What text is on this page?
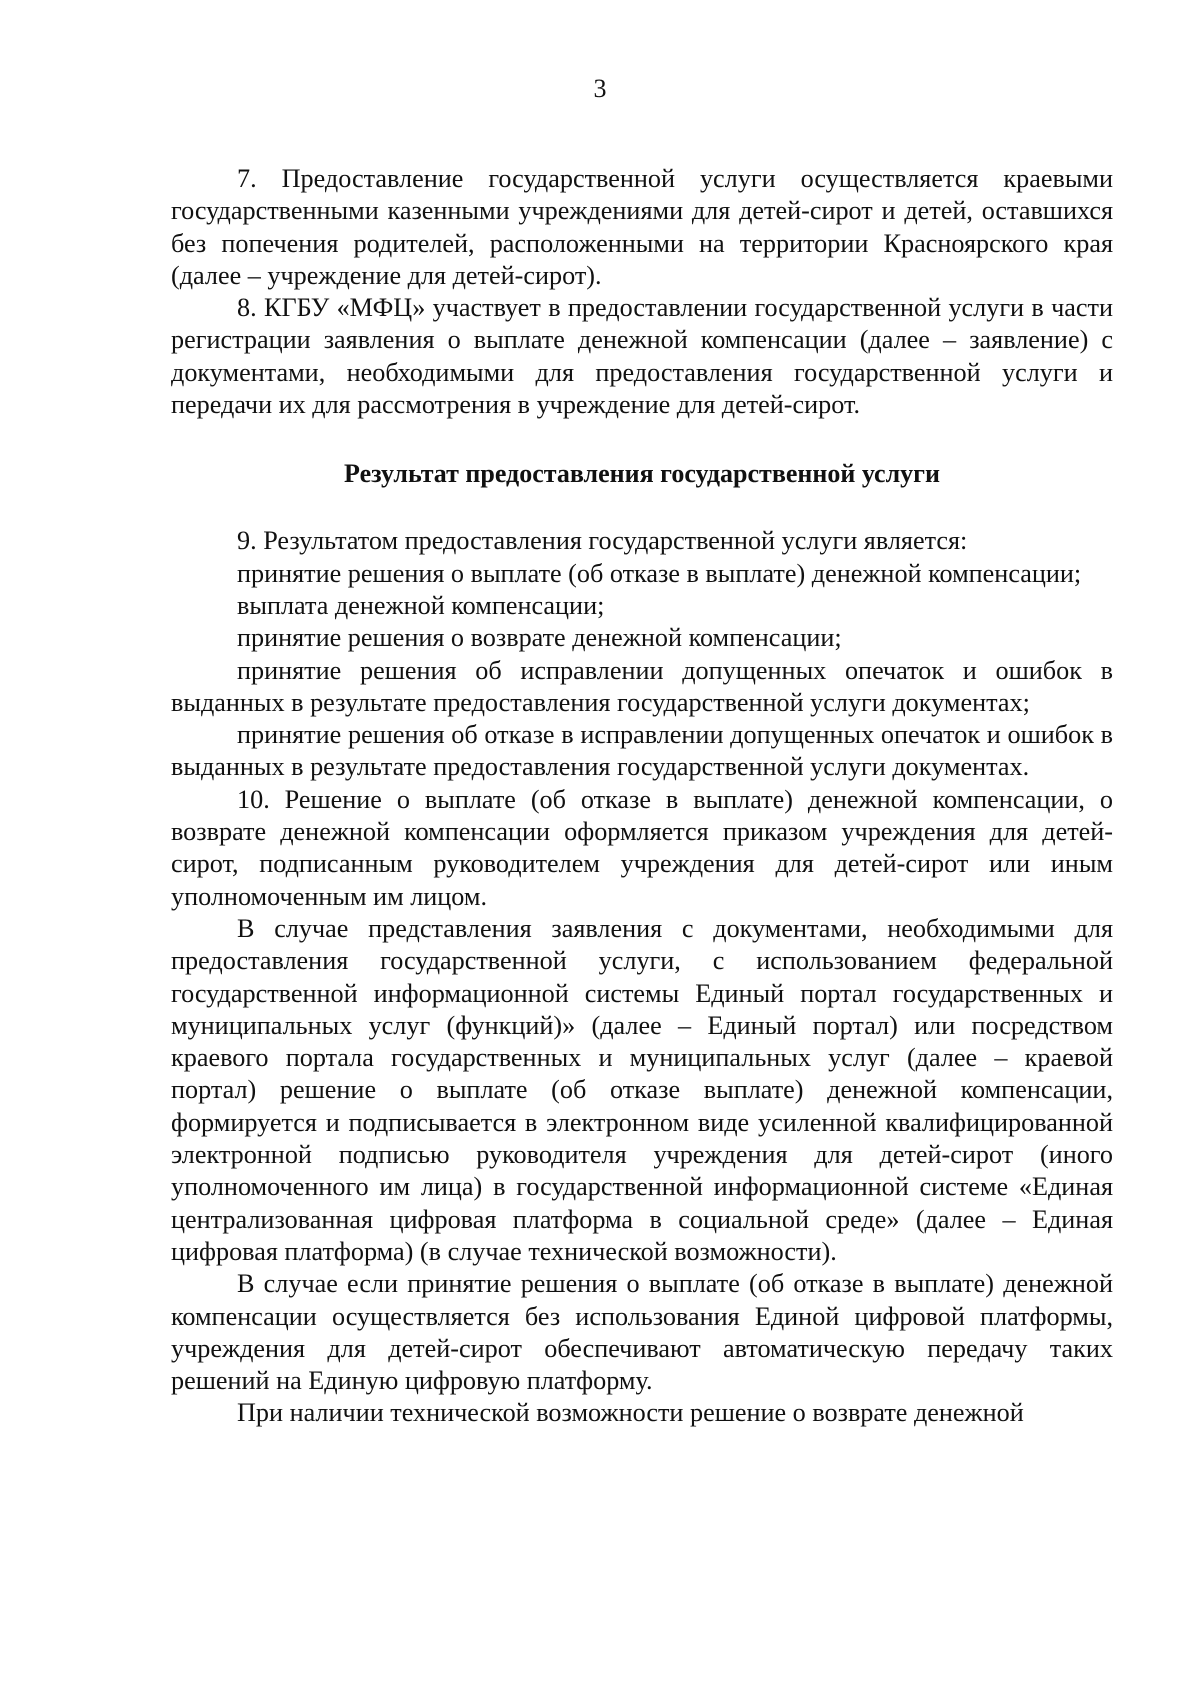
3

7. Предоставление государственной услуги осуществляется краевыми государственными казенными учреждениями для детей-сирот и детей, оставшихся без попечения родителей, расположенными на территории Красноярского края (далее – учреждение для детей-сирот).

8. КГБУ «МФЦ» участвует в предоставлении государственной услуги в части регистрации заявления о выплате денежной компенсации (далее – заявление) с документами, необходимыми для предоставления государственной услуги и передачи их для рассмотрения в учреждение для детей-сирот.

Результат предоставления государственной услуги

9. Результатом предоставления государственной услуги является:

принятие решения о выплате (об отказе в выплате) денежной компенсации;

выплата денежной компенсации;

принятие решения о возврате денежной компенсации;

принятие решения об исправлении допущенных опечаток и ошибок в выданных в результате предоставления государственной услуги документах;

принятие решения об отказе в исправлении допущенных опечаток и ошибок в выданных в результате предоставления государственной услуги документах.

10. Решение о выплате (об отказе в выплате) денежной компенсации, о возврате денежной компенсации оформляется приказом учреждения для детей-сирот, подписанным руководителем учреждения для детей-сирот или иным уполномоченным им лицом.

В случае представления заявления с документами, необходимыми для предоставления государственной услуги, с использованием федеральной государственной информационной системы Единый портал государственных и муниципальных услуг (функций)» (далее – Единый портал) или посредством краевого портала государственных и муниципальных услуг (далее – краевой портал) решение о выплате (об отказе выплате) денежной компенсации, формируется и подписывается в электронном виде усиленной квалифицированной электронной подписью руководителя учреждения для детей-сирот (иного уполномоченного им лица) в государственной информационной системе «Единая централизованная цифровая платформа в социальной среде» (далее – Единая цифровая платформа) (в случае технической возможности).

В случае если принятие решения о выплате (об отказе в выплате) денежной компенсации осуществляется без использования Единой цифровой платформы, учреждения для детей-сирот обеспечивают автоматическую передачу таких решений на Единую цифровую платформу.

При наличии технической возможности решение о возврате денежной
